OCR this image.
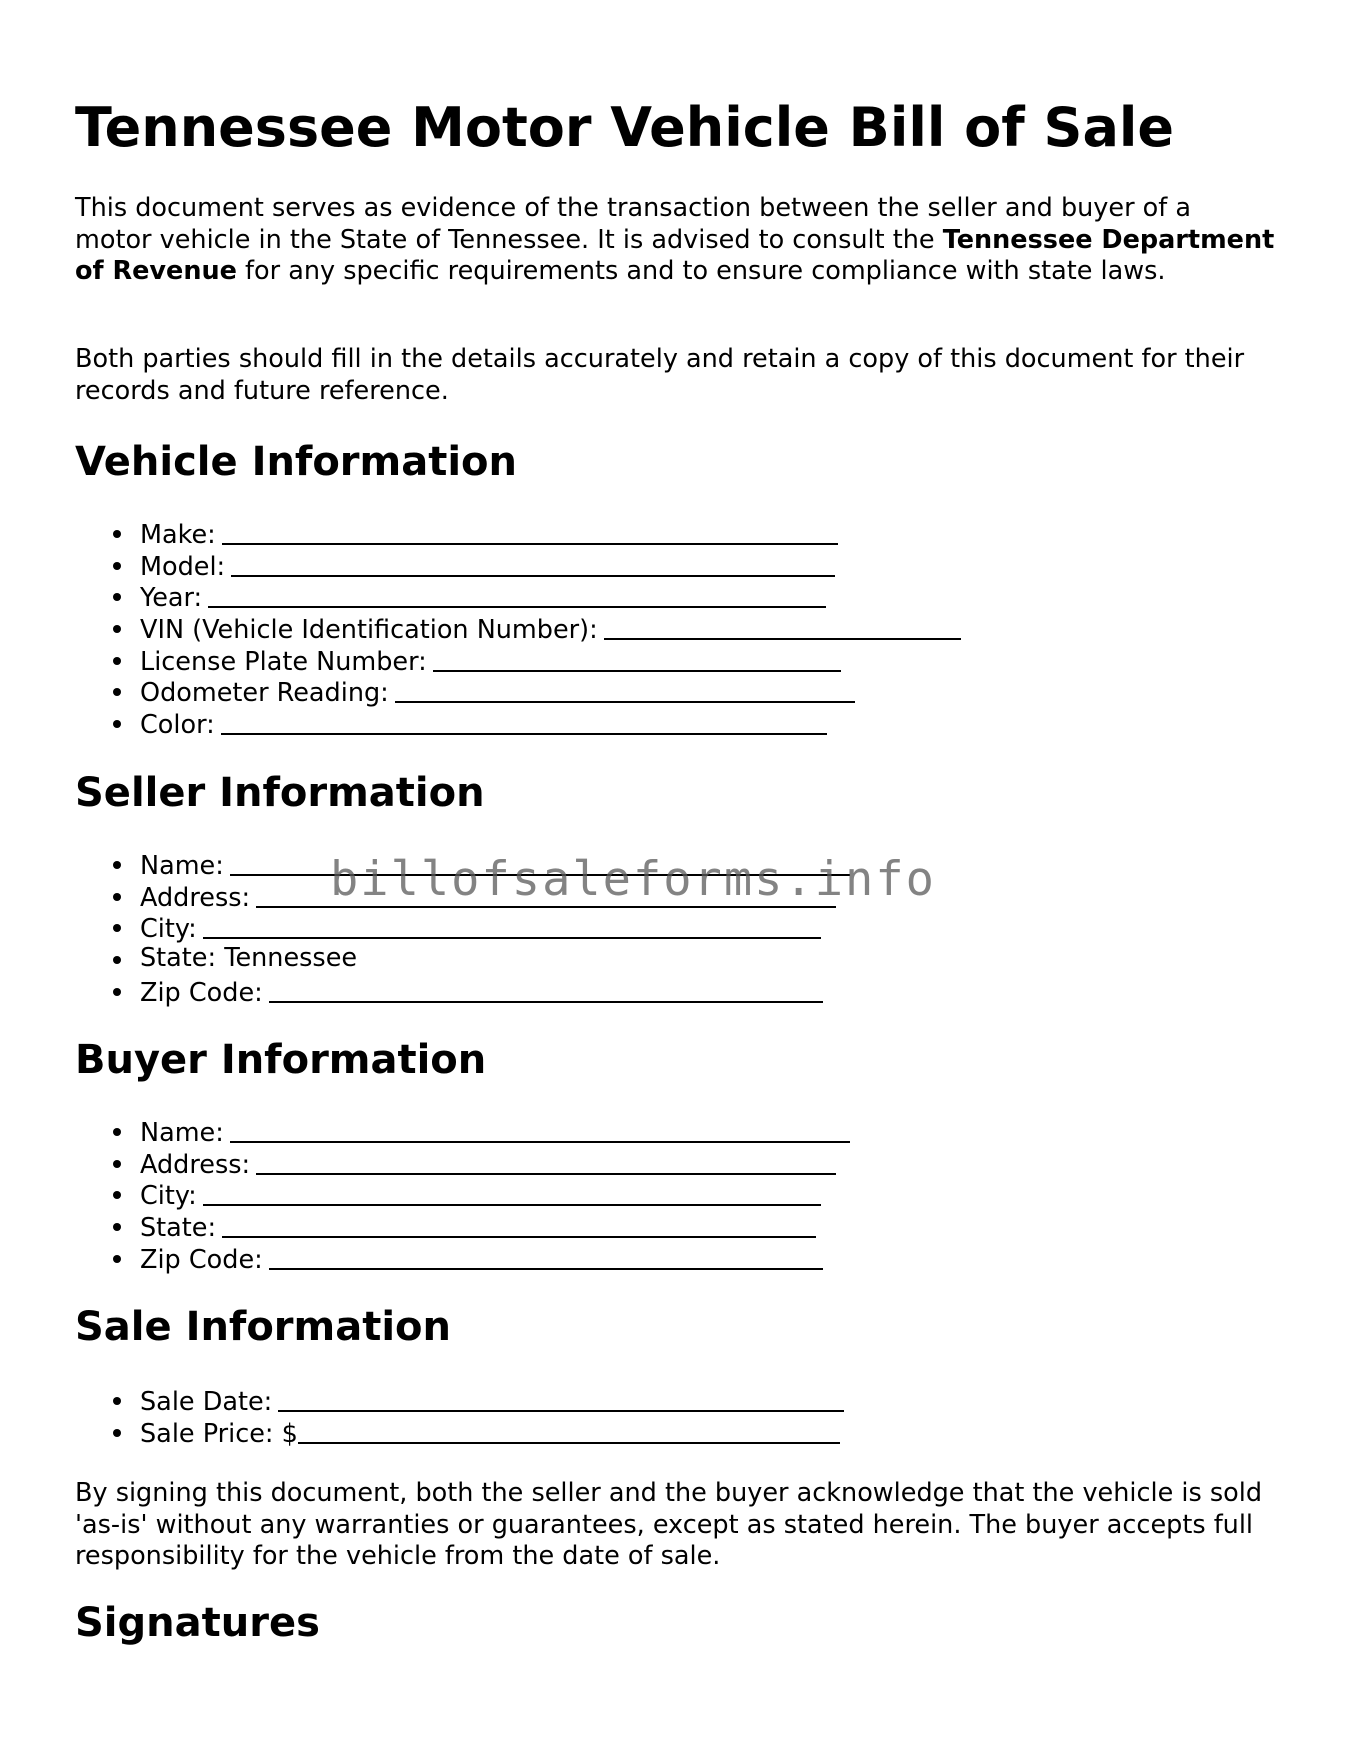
Tennessee Motor Vehicle Bill of Sale

This document serves as evidence of the transaction between the seller and buyer of a motor vehicle in the State of Tennessee. It is advised to consult the Tennessee Department of Revenue for any specific requirements and to ensure compliance with state laws.

Both parties should fill in the details accurately and retain a copy of this document for their records and future reference.

Vehicle Information
Make:
Model:
Year:
VIN (Vehicle Identification Number):
License Plate Number:
Odometer Reading:
Color:
Seller Information
Name:
Address:
City:
State: Tennessee
Zip Code:
Buyer Information
Name:
Address:
City:
State:
Zip Code:
Sale Information
Sale Date:
Sale Price: $

By signing this document, both the seller and the buyer acknowledge that the vehicle is sold 'as-is' without any warranties or guarantees, except as stated herein. The buyer accepts full responsibility for the vehicle from the date of sale.

Signatures
billofsaleforms.info
